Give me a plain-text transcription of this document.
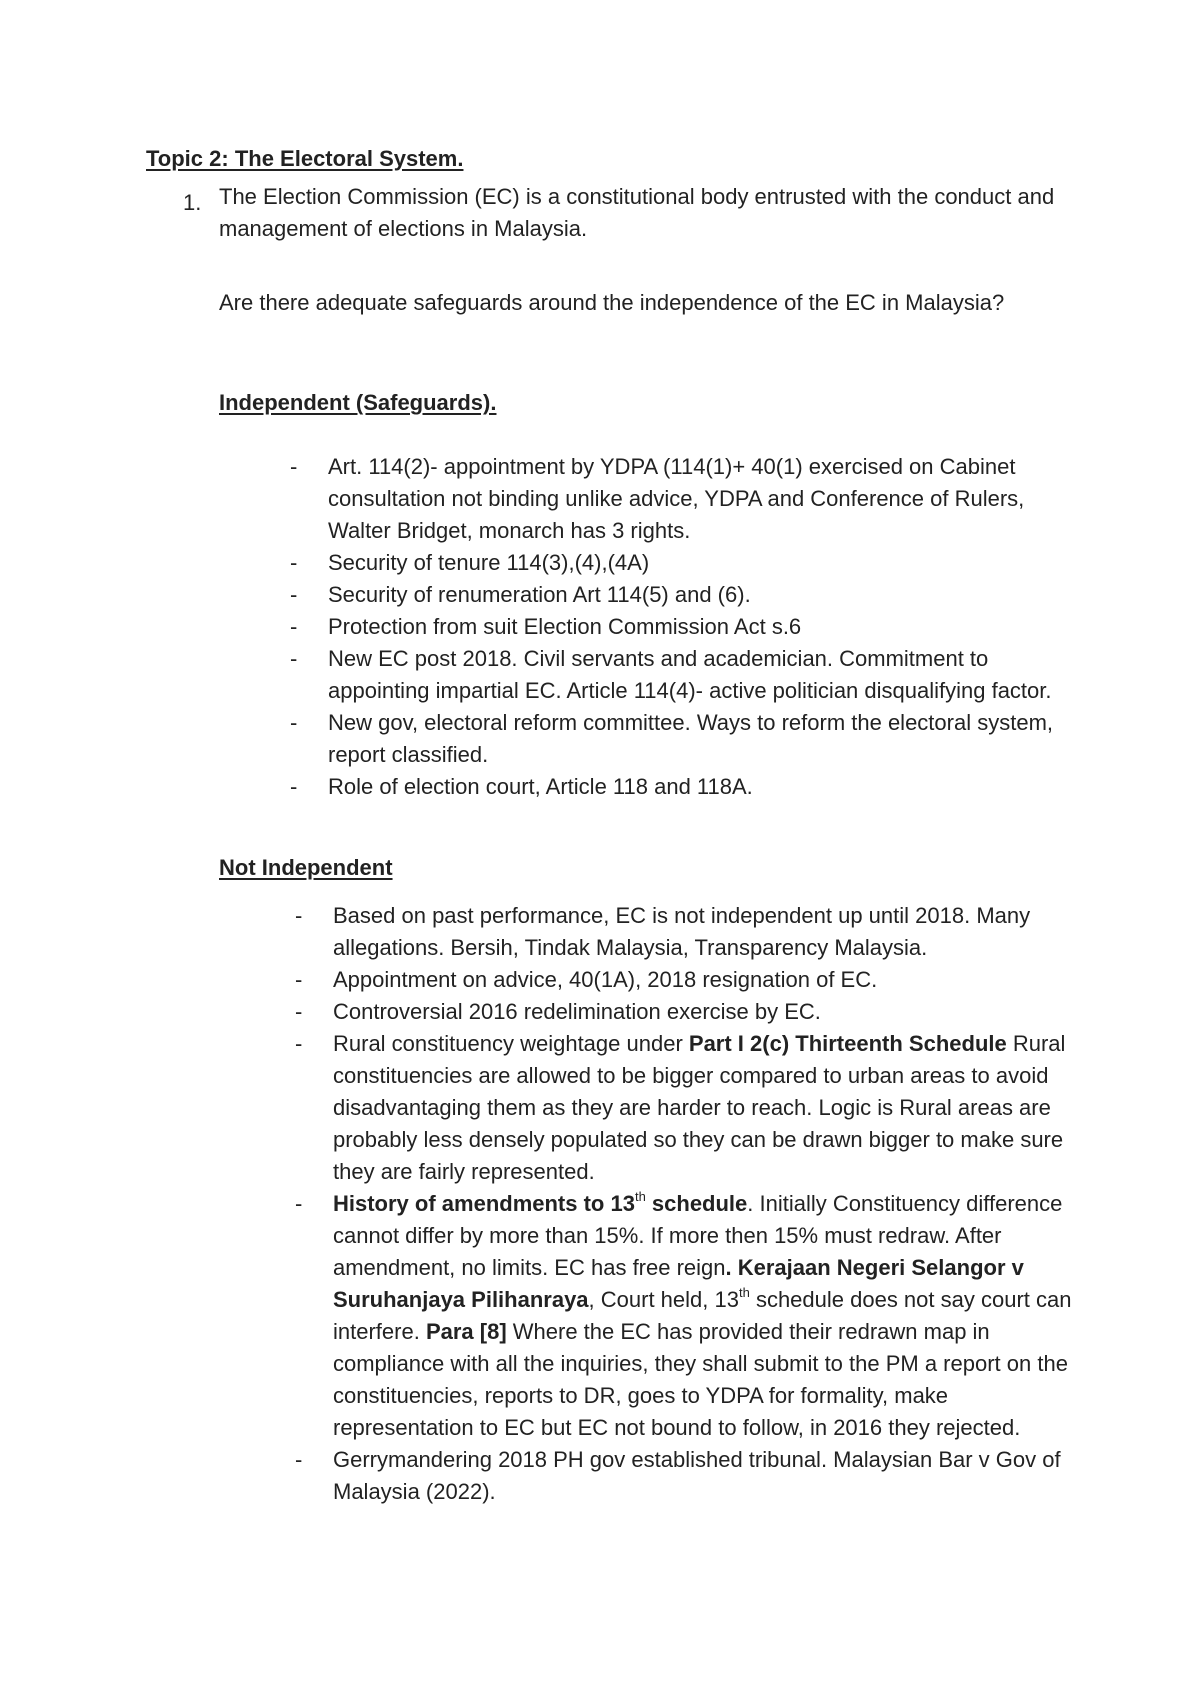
Topic 2: The Electoral System.
1. The Election Commission (EC) is a constitutional body entrusted with the conduct and management of elections in Malaysia.

Are there adequate safeguards around the independence of the EC in Malaysia?

Independent (Safeguards).
- Art. 114(2)- appointment by YDPA (114(1)+ 40(1) exercised on Cabinet consultation not binding unlike advice, YDPA and Conference of Rulers, Walter Bridget, monarch has 3 rights.
- Security of tenure 114(3),(4),(4A)
- Security of renumeration Art 114(5) and (6).
- Protection from suit Election Commission Act s.6
- New EC post 2018. Civil servants and academician. Commitment to appointing impartial EC. Article 114(4)- active politician disqualifying factor.
- New gov, electoral reform committee. Ways to reform the electoral system, report classified.
- Role of election court, Article 118 and 118A.
Not Independent
- Based on past performance, EC is not independent up until 2018. Many allegations. Bersih, Tindak Malaysia, Transparency Malaysia.
- Appointment on advice, 40(1A), 2018 resignation of EC.
- Controversial 2016 redelimination exercise by EC.
- Rural constituency weightage under Part I 2(c) Thirteenth Schedule Rural constituencies are allowed to be bigger compared to urban areas to avoid disadvantaging them as they are harder to reach. Logic is Rural areas are probably less densely populated so they can be drawn bigger to make sure they are fairly represented.
- History of amendments to 13th schedule. Initially Constituency difference cannot differ by more than 15%. If more then 15% must redraw. After amendment, no limits. EC has free reign. Kerajaan Negeri Selangor v Suruhanjaya Pilihanraya, Court held, 13th schedule does not say court can interfere. Para [8] Where the EC has provided their redrawn map in compliance with all the inquiries, they shall submit to the PM a report on the constituencies, reports to DR, goes to YDPA for formality, make representation to EC but EC not bound to follow, in 2016 they rejected.
- Gerrymandering 2018 PH gov established tribunal. Malaysian Bar v Gov of Malaysia (2022).
